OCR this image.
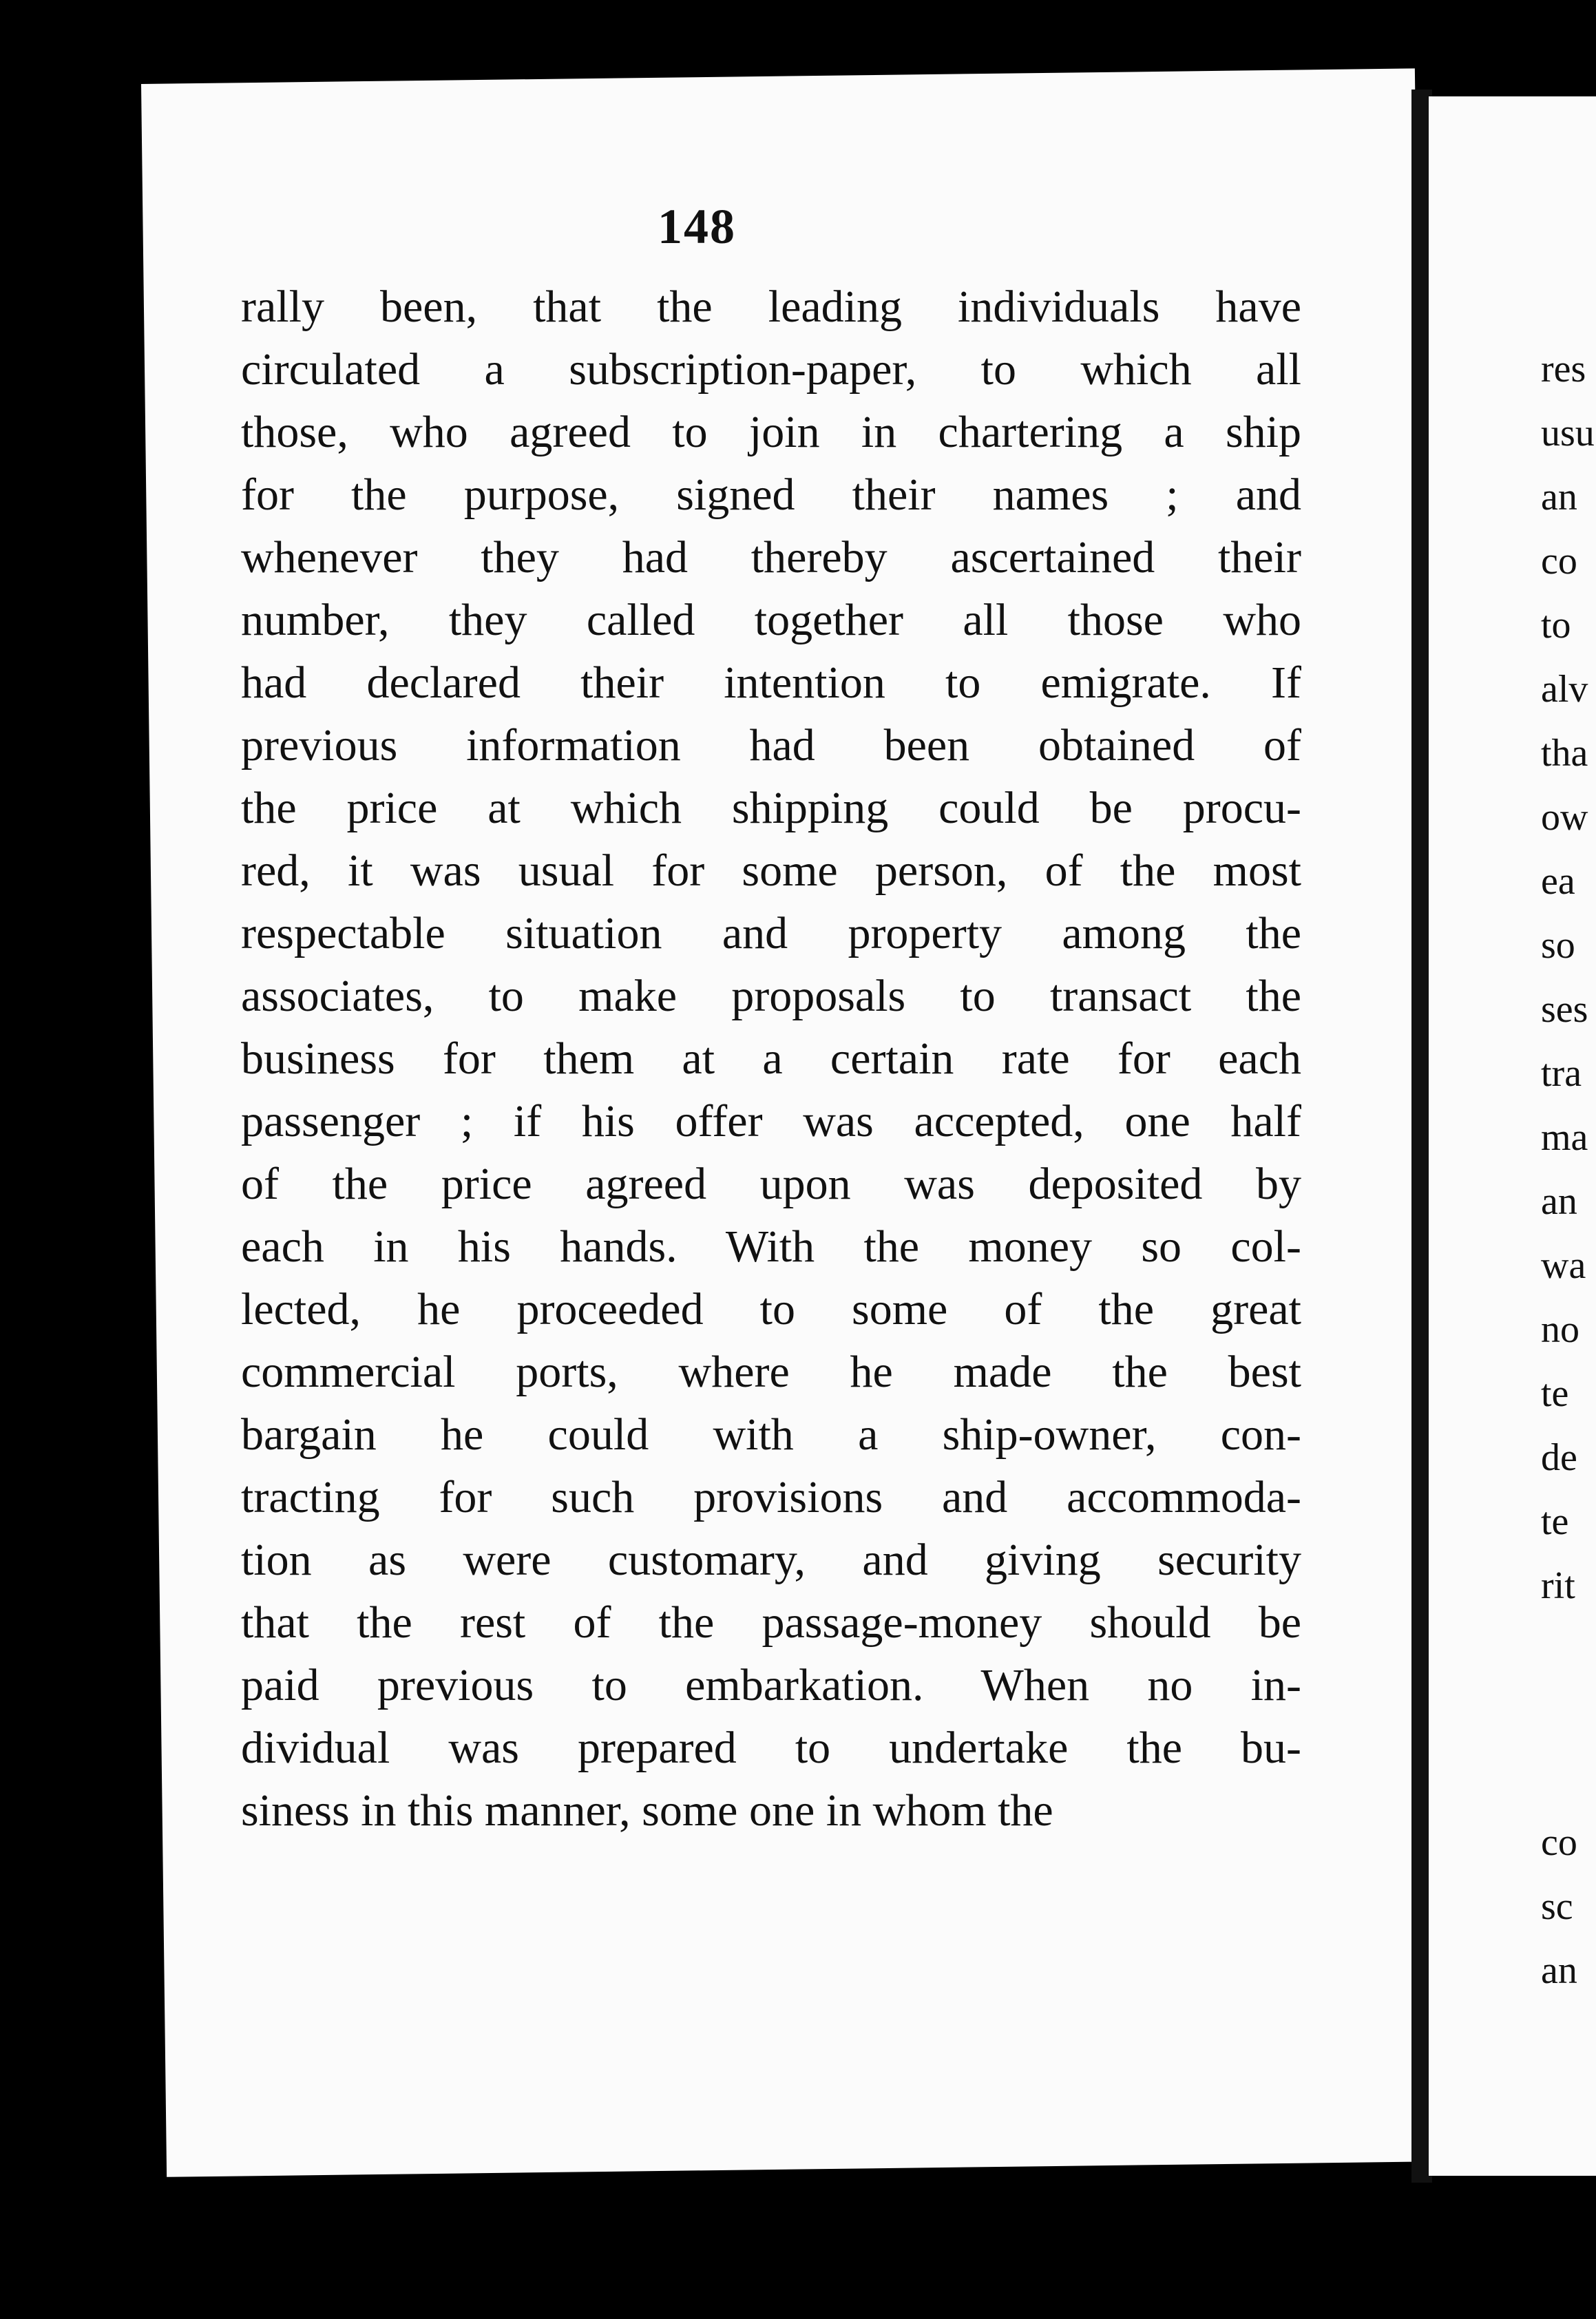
148
rally been, that the leading individuals have
circulated a subscription-paper, to which all
those, who agreed to join in chartering a ship
for the purpose, signed their names ; and
whenever they had thereby ascertained their
number, they called together all those who
had declared their intention to emigrate. If
previous information had been obtained of
the price at which shipping could be procu-
red, it was usual for some person, of the most
respectable situation and property among the
associates, to make proposals to transact the
business for them at a certain rate for each
passenger ; if his offer was accepted, one half
of the price agreed upon was deposited by
each in his hands. With the money so col-
lected, he proceeded to some of the great
commercial ports, where he made the best
bargain he could with a ship-owner, con-
tracting for such provisions and accommoda-
tion as were customary, and giving security
that the rest of the passage-money should be
paid previous to embarkation. When no in-
dividual was prepared to undertake the bu-
siness in this manner, some one in whom the
res
usu
an
co
to
alv
tha
ow
ea
so
ses
tra
ma
an
wa
no
te
de
te
rit
co
sc
an
